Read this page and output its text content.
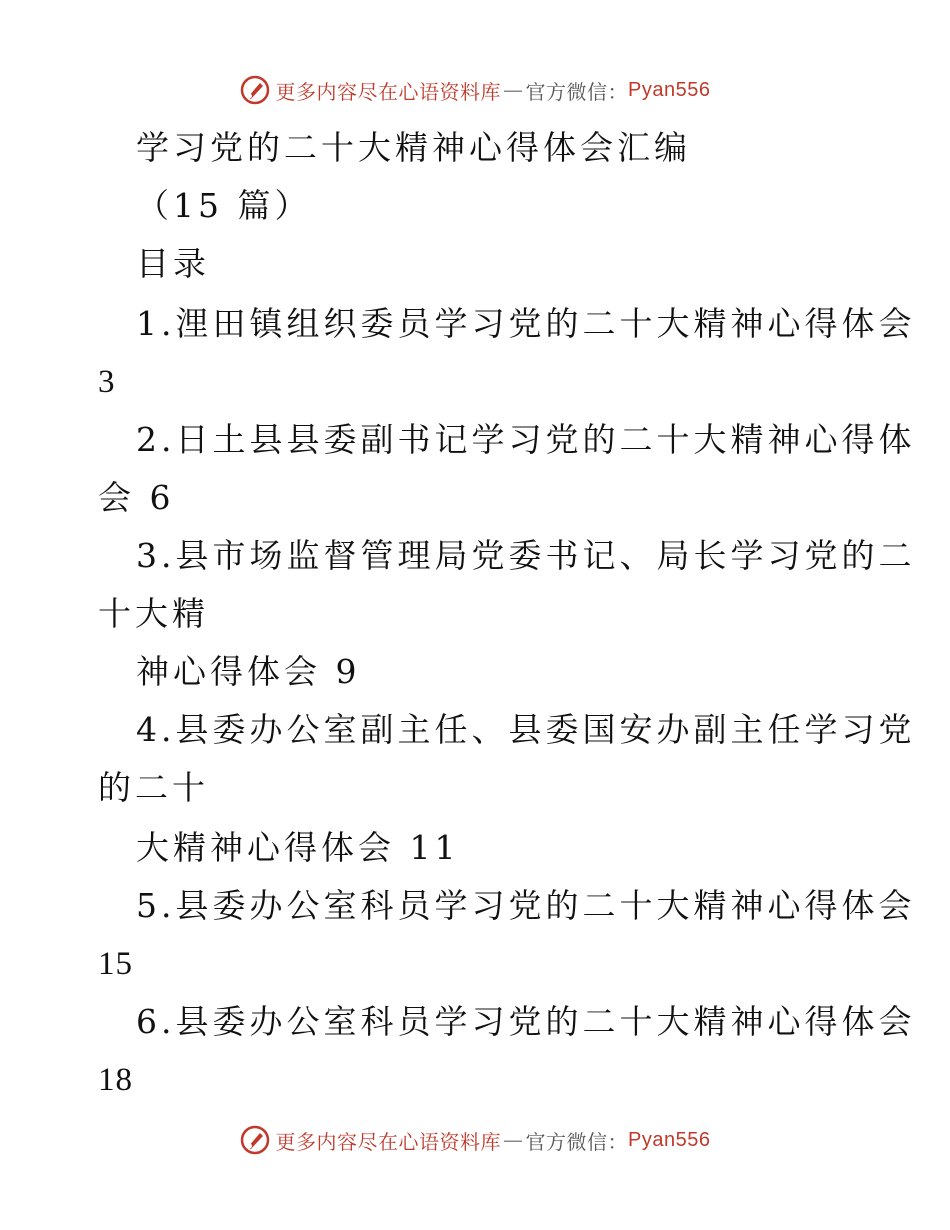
更多内容尽在心语资料库 — 官方微信： Pyan556
学习党的二十大精神心得体会汇编
（15 篇）
目录
1.浬田镇组织委员学习党的二十大精神心得体会
3
2.日土县县委副书记学习党的二十大精神心得体
会 6
3.县市场监督管理局党委书记、局长学习党的二
十大精
神心得体会 9
4.县委办公室副主任、县委国安办副主任学习党
的二十
大精神心得体会 11
5.县委办公室科员学习党的二十大精神心得体会
15
6.县委办公室科员学习党的二十大精神心得体会
18
更多内容尽在心语资料库 — 官方微信： Pyan556
